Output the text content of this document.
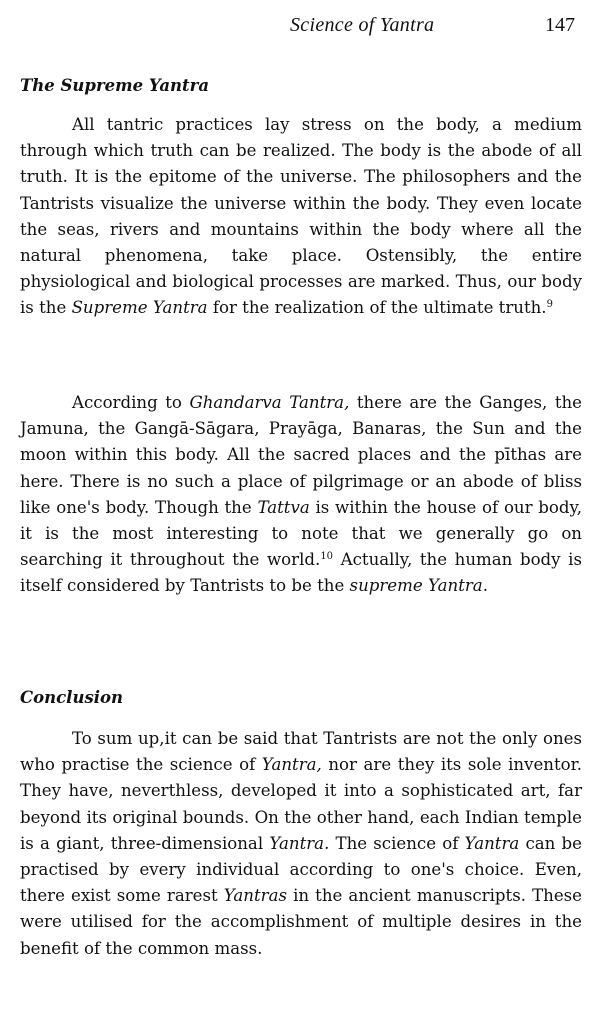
Science of Yantra	147
The Supreme Yantra

All tantric practices lay stress on the body, a medium through which truth can be realized. The body is the abode of all truth. It is the epitome of the universe. The philosophers and the Tantrists visualize the universe within the body. They even locate the seas, rivers and mountains within the body where all the natural phenomena, take place. Ostensibly, the entire physiological and biological processes are marked. Thus, our body is the Supreme Yantra for the realization of the ultimate truth.$^9$

According to Ghandarva Tantra, there are the Ganges, the Jamuna, the Gangā-Sāgara, Prayāga, Banaras, the Sun and the moon within this body. All the sacred places and the pīthas are here. There is no such a place of pilgrimage or an abode of bliss like one's body. Though the Tattva is within the house of our body, it is the most interesting to note that we generally go on searching it throughout the world.$^{10}$ Actually, the human body is itself considered by Tantrists to be the supreme Yantra.

Conclusion

To sum up,it can be said that Tantrists are not the only ones who practise the science of Yantra, nor are they its sole inventor. They have, neverthless, developed it into a sophisticated art, far beyond its original bounds. On the other hand, each Indian temple is a giant, three-dimensional Yantra. The science of Yantra can be practised by every individual according to one's choice. Even, there exist some rarest Yantras in the ancient manuscripts. These were utilised for the accomplishment of multiple desires in the benefit of the common mass.
